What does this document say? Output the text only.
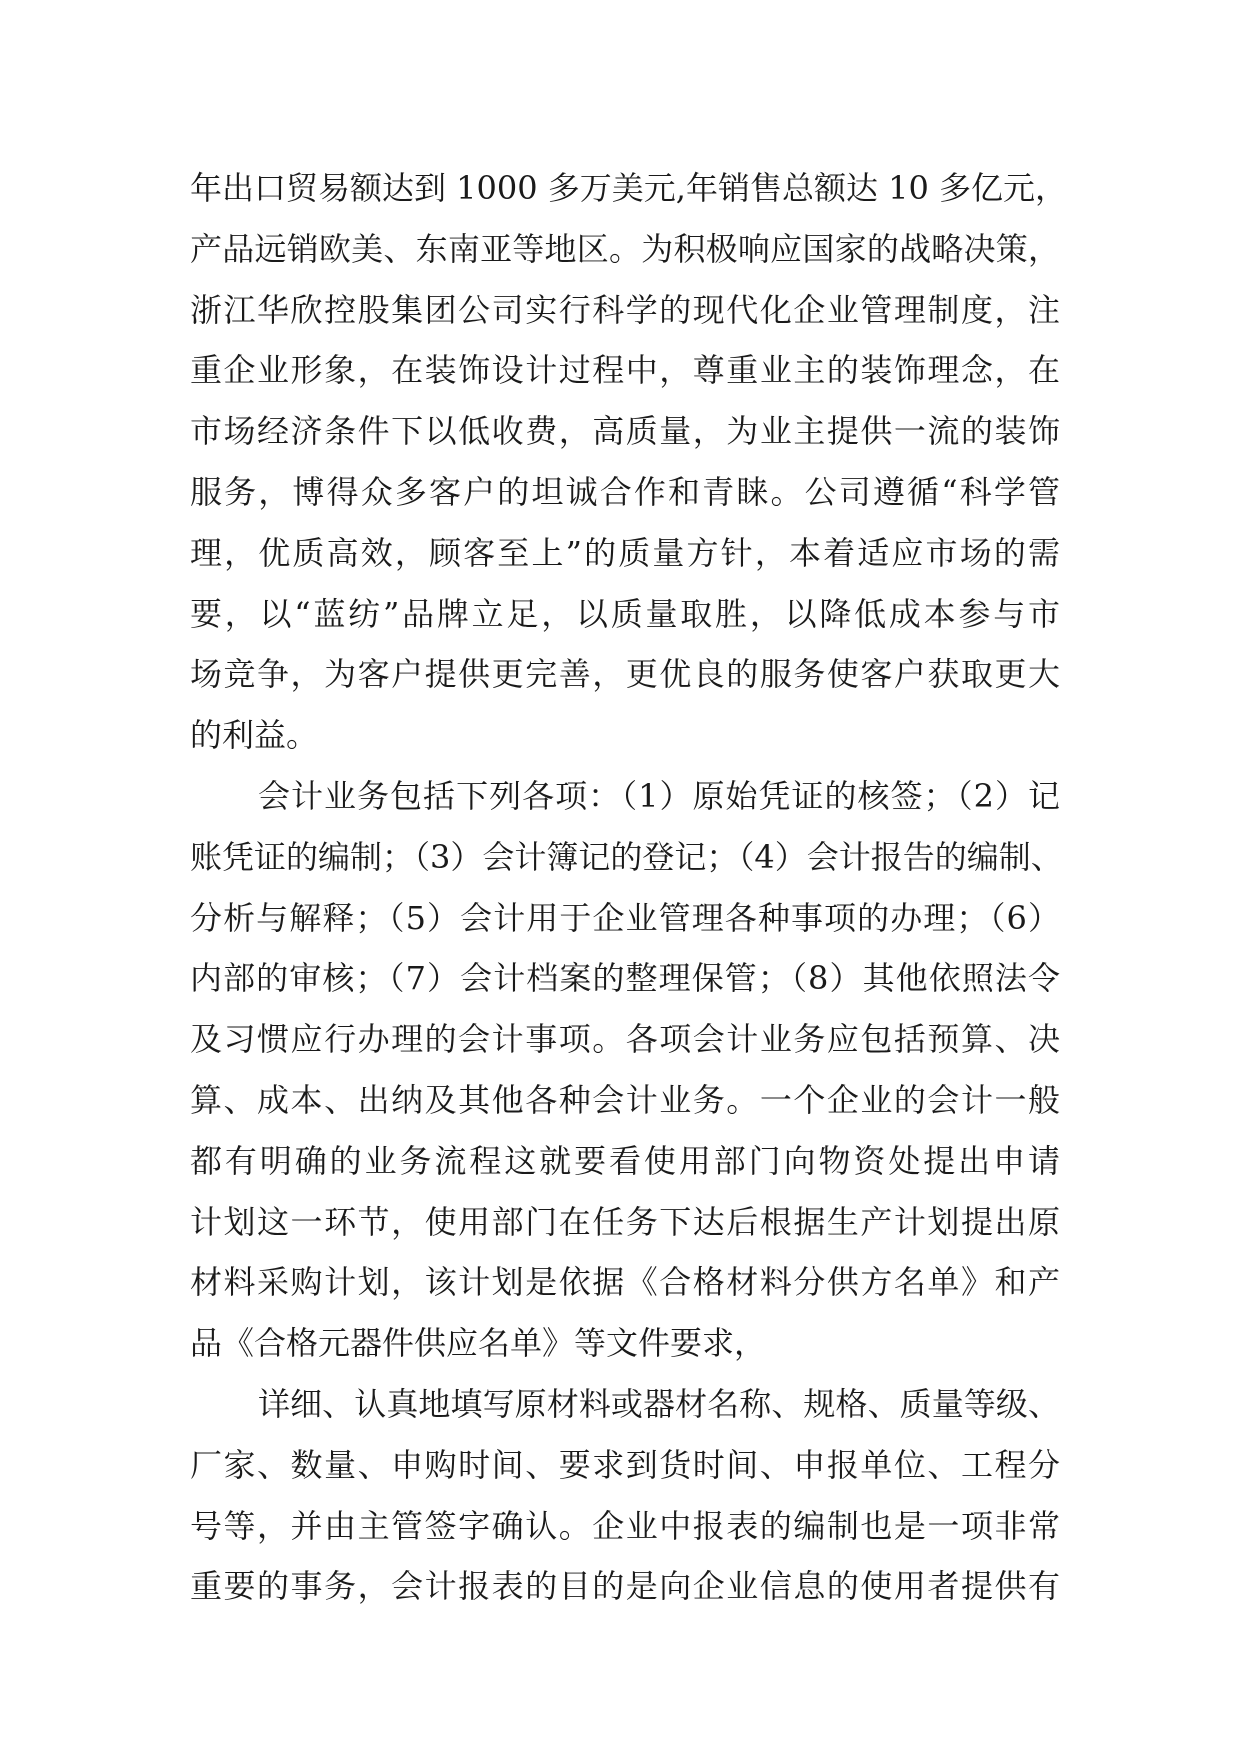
年出口贸易额达到 1000 多万美元,年销售总额达 10 多亿元，
产品远销欧美、东南亚等地区。为积极响应国家的战略决策，
浙江华欣控股集团公司实行科学的现代化企业管理制度，注
重企业形象，在装饰设计过程中，尊重业主的装饰理念，在
市场经济条件下以低收费，高质量，为业主提供一流的装饰
服务，博得众多客户的坦诚合作和青睐。公司遵循“科学管
理，优质高效，顾客至上”的质量方针，本着适应市场的需
要，以“蓝纺”品牌立足，以质量取胜，以降低成本参与市
场竞争，为客户提供更完善，更优良的服务使客户获取更大
的利益。
会计业务包括下列各项：（1）原始凭证的核签；（2）记
账凭证的编制；（3）会计簿记的登记；（4）会计报告的编制、
分析与解释；（5）会计用于企业管理各种事项的办理；（6）
内部的审核；（7）会计档案的整理保管；（8）其他依照法令
及习惯应行办理的会计事项。各项会计业务应包括预算、决
算、成本、出纳及其他各种会计业务。一个企业的会计一般
都有明确的业务流程这就要看使用部门向物资处提出申请
计划这一环节，使用部门在任务下达后根据生产计划提出原
材料采购计划，该计划是依据《合格材料分供方名单》和产
品《合格元器件供应名单》等文件要求，
详细、认真地填写原材料或器材名称、规格、质量等级、
厂家、数量、申购时间、要求到货时间、申报单位、工程分
号等，并由主管签字确认。企业中报表的编制也是一项非常
重要的事务，会计报表的目的是向企业信息的使用者提供有
